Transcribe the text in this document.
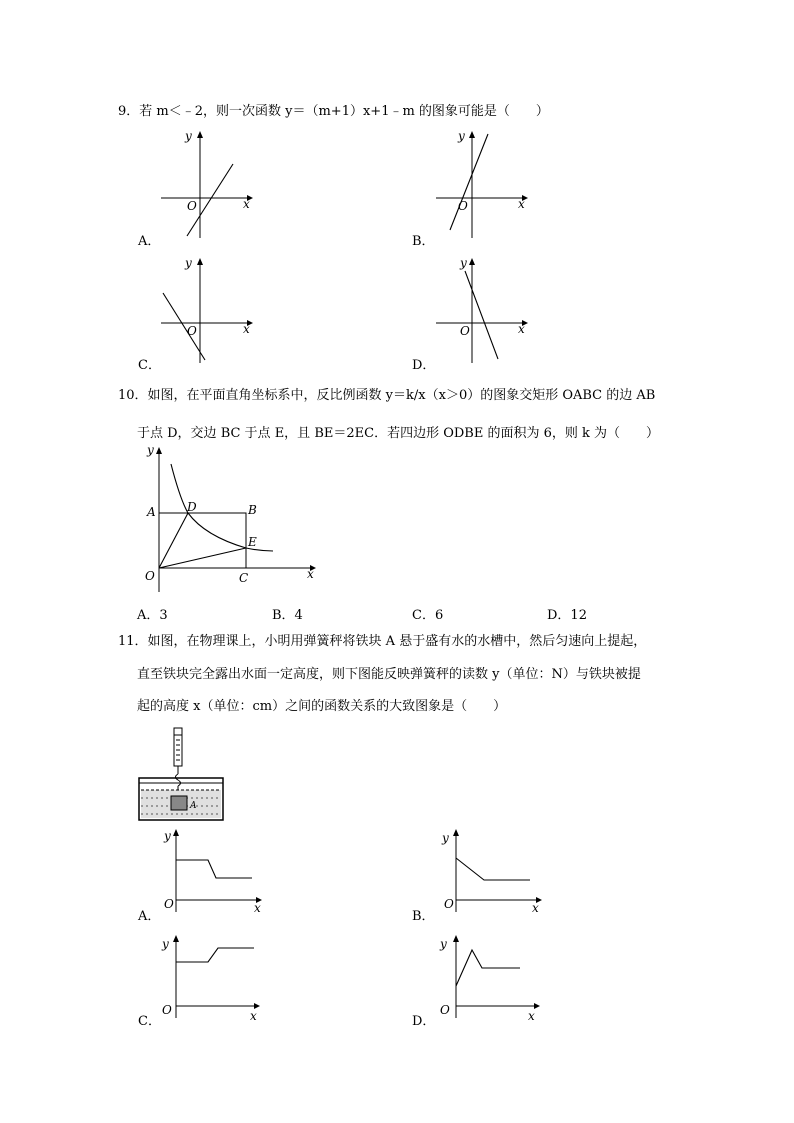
9．若 m＜﹣2，则一次函数 y＝（m+1）x+1﹣m 的图象可能是（　　）
y
x
O
A．
y
x
O
B．
y
x
O
C．
y
x
O
D．
10．如图，在平面直角坐标系中，反比例函数 y＝k/x（x＞0）的图象交矩形 OABC 的边 AB
于点 D，交边 BC 于点 E，且 BE＝2EC．若四边形 ODBE 的面积为 6，则 k 为（　　）
y
x
A	D	B
E
O	C
A．3	B．4	C．6	D．12
11．如图，在物理课上，小明用弹簧秤将铁块 A 悬于盛有水的水槽中，然后匀速向上提起，
直至铁块完全露出水面一定高度，则下图能反映弹簧秤的读数 y（单位：N）与铁块被提
起的高度 x（单位：cm）之间的函数关系的大致图象是（　　）
A
y
x
O
A．
y
x
O
B．
y
x
O
C．
y
x
O
D．
